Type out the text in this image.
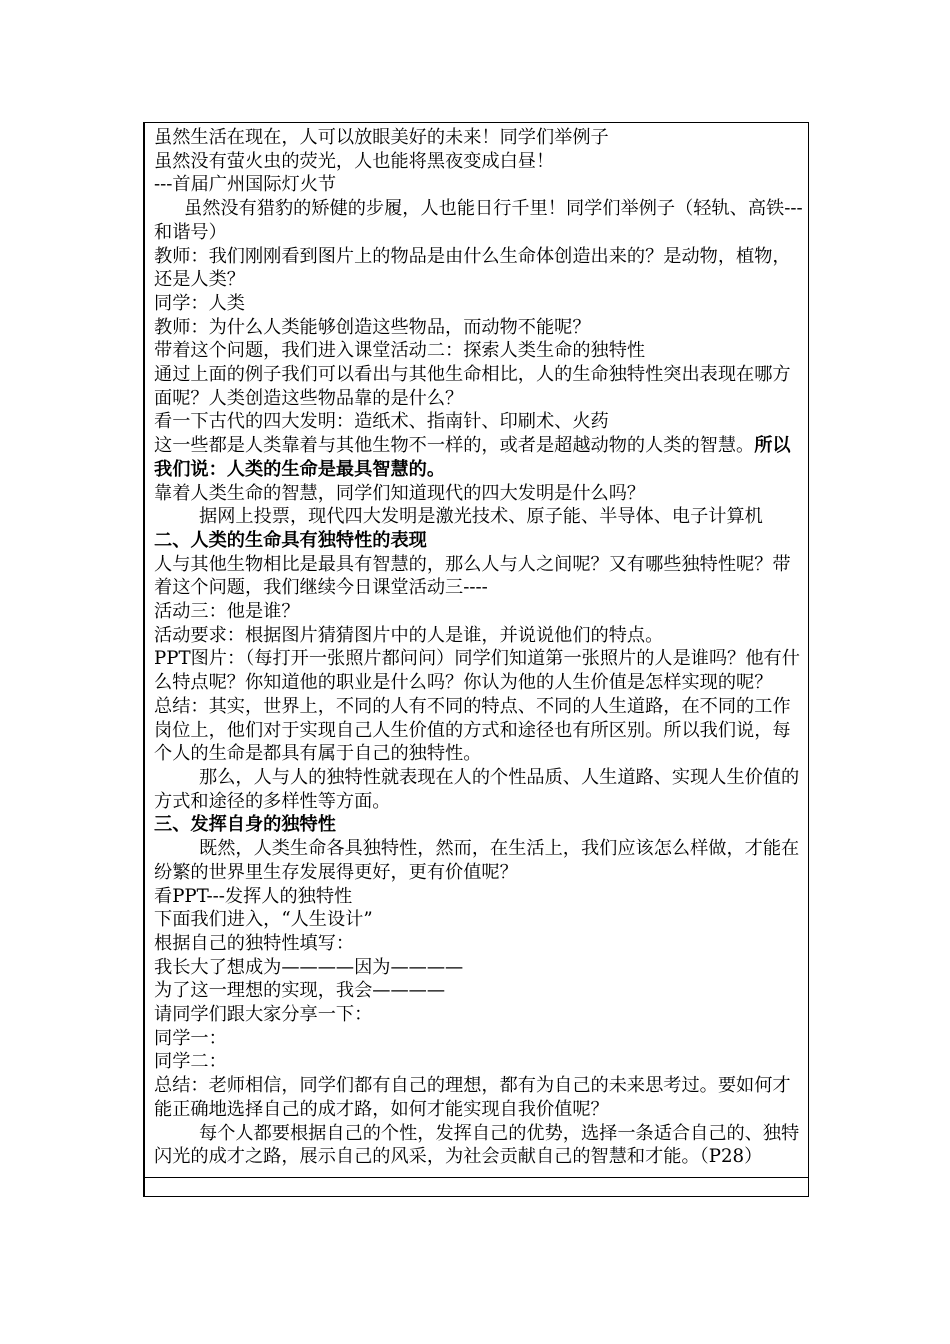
虽然生活在现在，人可以放眼美好的未来！同学们举例子
虽然没有萤火虫的荧光，人也能将黑夜变成白昼！
---首届广州国际灯火节
虽然没有猎豹的矫健的步履，人也能日行千里！同学们举例子（轻轨、高铁---和谐号）
教师：我们刚刚看到图片上的物品是由什么生命体创造出来的？是动物，植物，还是人类？
同学：人类
教师：为什么人类能够创造这些物品，而动物不能呢？
带着这个问题，我们进入课堂活动二：探索人类生命的独特性
通过上面的例子我们可以看出与其他生命相比，人的生命独特性突出表现在哪方面呢？人类创造这些物品靠的是什么？
看一下古代的四大发明：造纸术、指南针、印刷术、火药
这一些都是人类靠着与其他生物不一样的，或者是超越动物的人类的智慧。所以我们说：人类的生命是最具智慧的。
靠着人类生命的智慧，同学们知道现代的四大发明是什么吗？
据网上投票，现代四大发明是激光技术、原子能、半导体、电子计算机
二、人类的生命具有独特性的表现
人与其他生物相比是最具有智慧的，那么人与人之间呢？又有哪些独特性呢？带着这个问题，我们继续今日课堂活动三----
活动三：他是谁？
活动要求：根据图片猜猜图片中的人是谁，并说说他们的特点。
PPT图片：（每打开一张照片都问问）同学们知道第一张照片的人是谁吗？他有什么特点呢？你知道他的职业是什么吗？你认为他的人生价值是怎样实现的呢？
总结：其实，世界上，不同的人有不同的特点、不同的人生道路，在不同的工作岗位上，他们对于实现自己人生价值的方式和途径也有所区别。所以我们说，每个人的生命是都具有属于自己的独特性。
那么，人与人的独特性就表现在人的个性品质、人生道路、实现人生价值的方式和途径的多样性等方面。
三、发挥自身的独特性
既然，人类生命各具独特性，然而，在生活上，我们应该怎么样做，才能在纷繁的世界里生存发展得更好，更有价值呢？
看PPT---发挥人的独特性
下面我们进入，“人生设计”
根据自己的独特性填写：
我长大了想成为————因为————
为了这一理想的实现，我会————
请同学们跟大家分享一下：
同学一：
同学二：
总结：老师相信，同学们都有自己的理想，都有为自己的未来思考过。要如何才能正确地选择自己的成才路，如何才能实现自我价值呢？
每个人都要根据自己的个性，发挥自己的优势，选择一条适合自己的、独特闪光的成才之路，展示自己的风采，为社会贡献自己的智慧和才能。（P28）
